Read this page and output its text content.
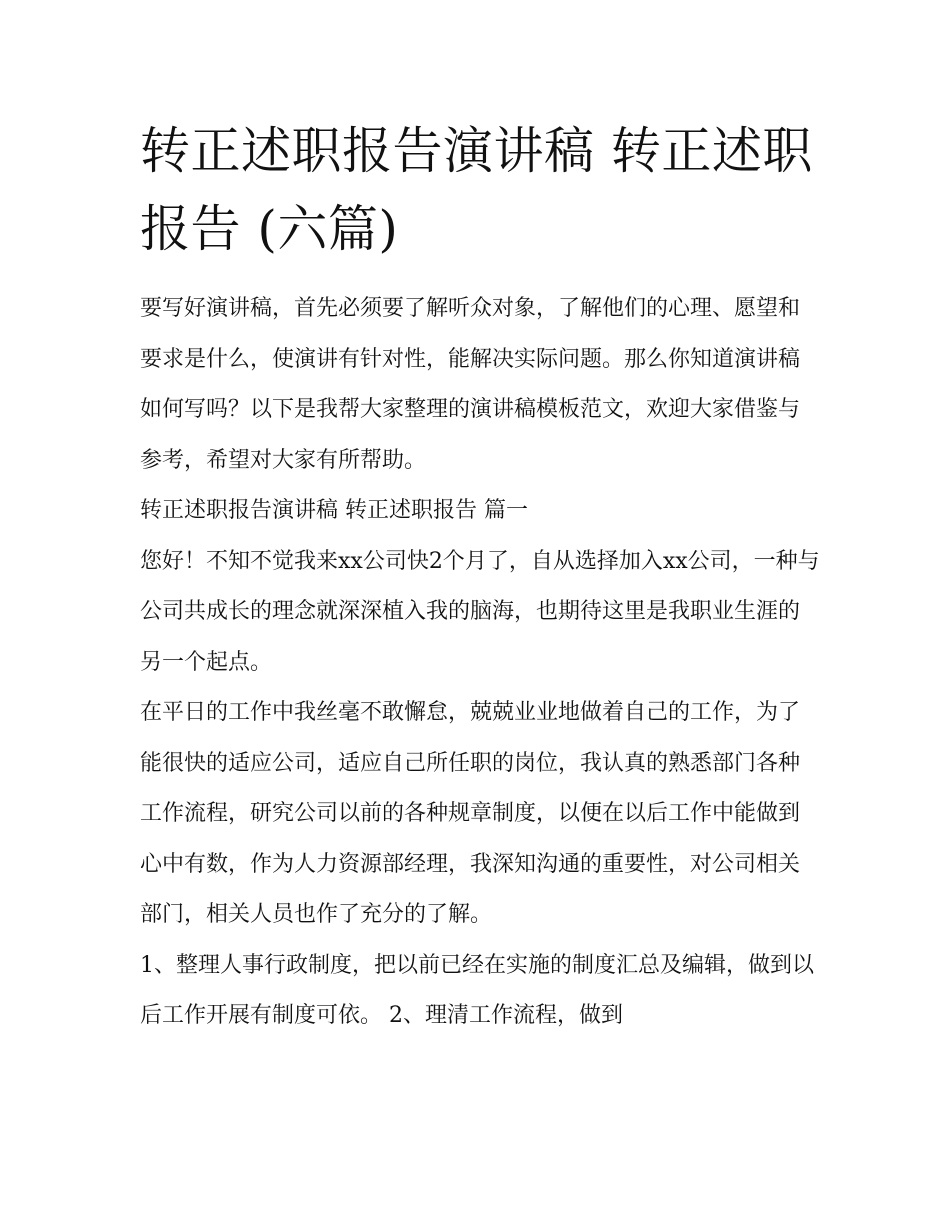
转正述职报告演讲稿 转正述职报告 (六篇)

要写好演讲稿，首先必须要了解听众对象，了解他们的心理、愿望和要求是什么，使演讲有针对性，能解决实际问题。那么你知道演讲稿如何写吗？以下是我帮大家整理的演讲稿模板范文，欢迎大家借鉴与参考，希望对大家有所帮助。

转正述职报告演讲稿 转正述职报告 篇一

您好！不知不觉我来xx公司快2个月了，自从选择加入xx公司，一种与公司共成长的理念就深深植入我的脑海，也期待这里是我职业生涯的另一个起点。

在平日的工作中我丝毫不敢懈怠，兢兢业业地做着自己的工作，为了能很快的适应公司，适应自己所任职的岗位，我认真的熟悉部门各种工作流程，研究公司以前的各种规章制度，以便在以后工作中能做到心中有数，作为人力资源部经理，我深知沟通的重要性，对公司相关部门，相关人员也作了充分的了解。

1、整理人事行政制度，把以前已经在实施的制度汇总及编辑，做到以后工作开展有制度可依。 2、理清工作流程，做到
